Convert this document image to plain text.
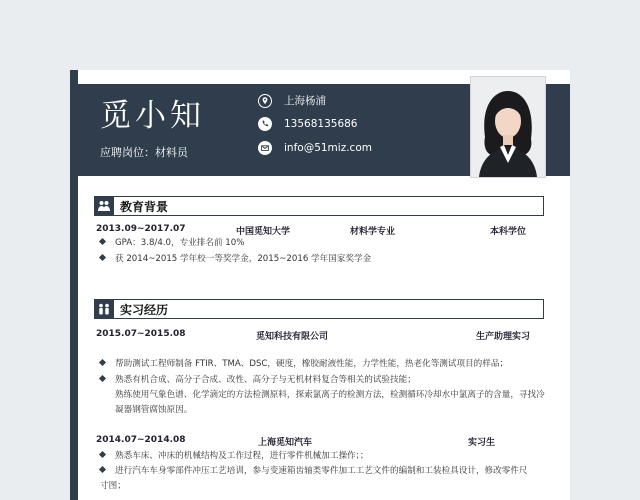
觅小知
应聘岗位：材料员
上海杨浦
13568135686
info@51miz.com
教育背景
2013.09~2017.07	中国觅知大学	材料学专业	本科学位
GPA：3.8/4.0，专业排名前 10%
获 2014~2015 学年校一等奖学金，2015~2016 学年国家奖学金
实习经历
2015.07~2015.08	觅知科技有限公司	生产助理实习
帮助测试工程师制备 FTIR、TMA、DSC，硬度，橡胶耐液性能，力学性能，热老化等测试项目的样品；
熟悉有机合成、高分子合成、改性、高分子与无机材料复合等相关的试验技能；
熟练使用气象色谱、化学滴定的方法检测原料，探索氯离子的检测方法，检测循环冷却水中氯离子的含量，寻找冷凝器钢管腐蚀原因。
2014.07~2014.08	上海觅知汽车	实习生
熟悉车床、冲床的机械结构及工作过程，进行零件机械加工操作；；
进行汽车车身零部件冲压工艺培训，参与变速箱齿轴类零件加工工艺文件的编制和工装检具设计，修改零件尺寸图；
